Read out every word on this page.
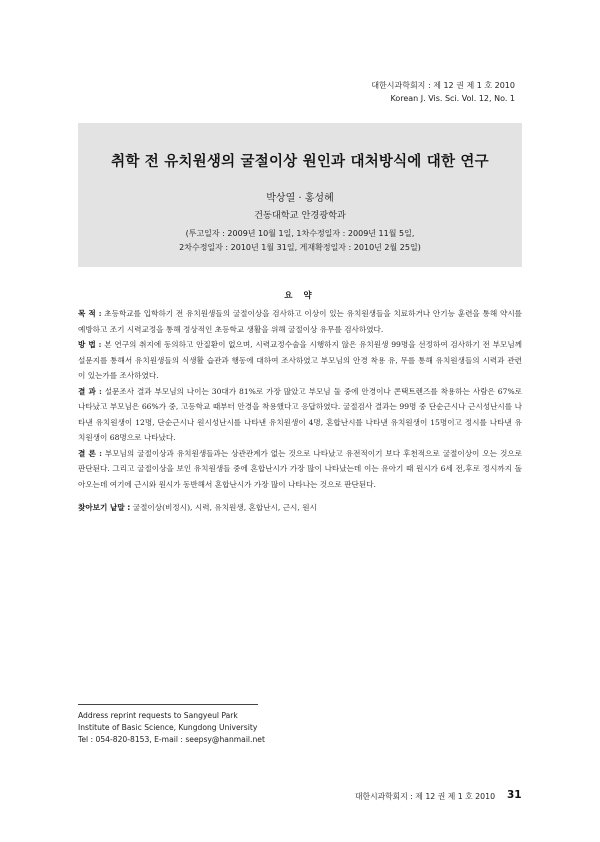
대한시과학회지 : 제 12 권 제 1 호 2010
Korean J. Vis. Sci. Vol. 12, No. 1
취학 전 유치원생의 굴절이상 원인과 대처방식에 대한 연구
박상열 · 홍성혜
건동대학교 안경광학과
(투고일자 : 2009년 10월 1일, 1차수정일자 : 2009년 11월 5일,
2차수정일자 : 2010년 1월 31일, 게재확정일자 : 2010년 2월 25일)
요 약

목 적 : 초등학교를 입학하기 전 유치원생들의 굴절이상을 검사하고 이상이 있는 유치원생들을 치료하거나 안기능 훈련을 통해 약시를 예방하고 조기 시력교정을 통해 정상적인 초등학교 생활을 위해 굴절이상 유무를 검사하였다.

방 법 : 본 연구의 취지에 동의하고 안질환이 없으며, 시력교정수술을 시행하지 않은 유치원생 99명을 선정하여 검사하기 전 부모님께 설문지를 통해서 유치원생들의 식생활 습관과 행동에 대하여 조사하였고 부모님의 안경 착용 유, 무를 통해 유치원생들의 시력과 관련이 있는가를 조사하였다.

결 과 : 설문조사 결과 부모님의 나이는 30대가 81%로 가장 많았고 부모님 둘 중에 안경이나 콘택트렌즈를 착용하는 사람은 67%로 나타났고 부모님은 66%가 중, 고등학교 때부터 안경을 착용했다고 응답하였다. 굴절검사 결과는 99명 중 단순근시나 근시성난시를 나타낸 유치원생이 12명, 단순근시나 원시성난시를 나타낸 유치원생이 4명, 혼합난시를 나타낸 유치원생이 15명이고 정시를 나타낸 유치원생이 68명으로 나타났다.

결 론 : 부모님의 굴절이상과 유치원생들과는 상관관계가 없는 것으로 나타났고 유전적이기 보다 후천적으로 굴절이상이 오는 것으로 판단된다. 그리고 굴절이상을 보인 유치원생들 중에 혼합난시가 가장 많이 나타났는데 이는 유아기 때 원시가 6세 전,후로 정시까지 돌아오는데 여기에 근시와 원시가 동반해서 혼합난시가 가장 많이 나타나는 것으로 판단된다.

찾아보기 낱말 : 굴절이상(비정시), 시력, 유치원생, 혼합난시, 근시, 원시

Address reprint requests to Sangyeul Park
Institute of Basic Science, Kungdong University
Tel : 054-820-8153, E-mail : seepsy@hanmail.net
대한시과학회지 : 제 12 권 제 1 호 2010 31
